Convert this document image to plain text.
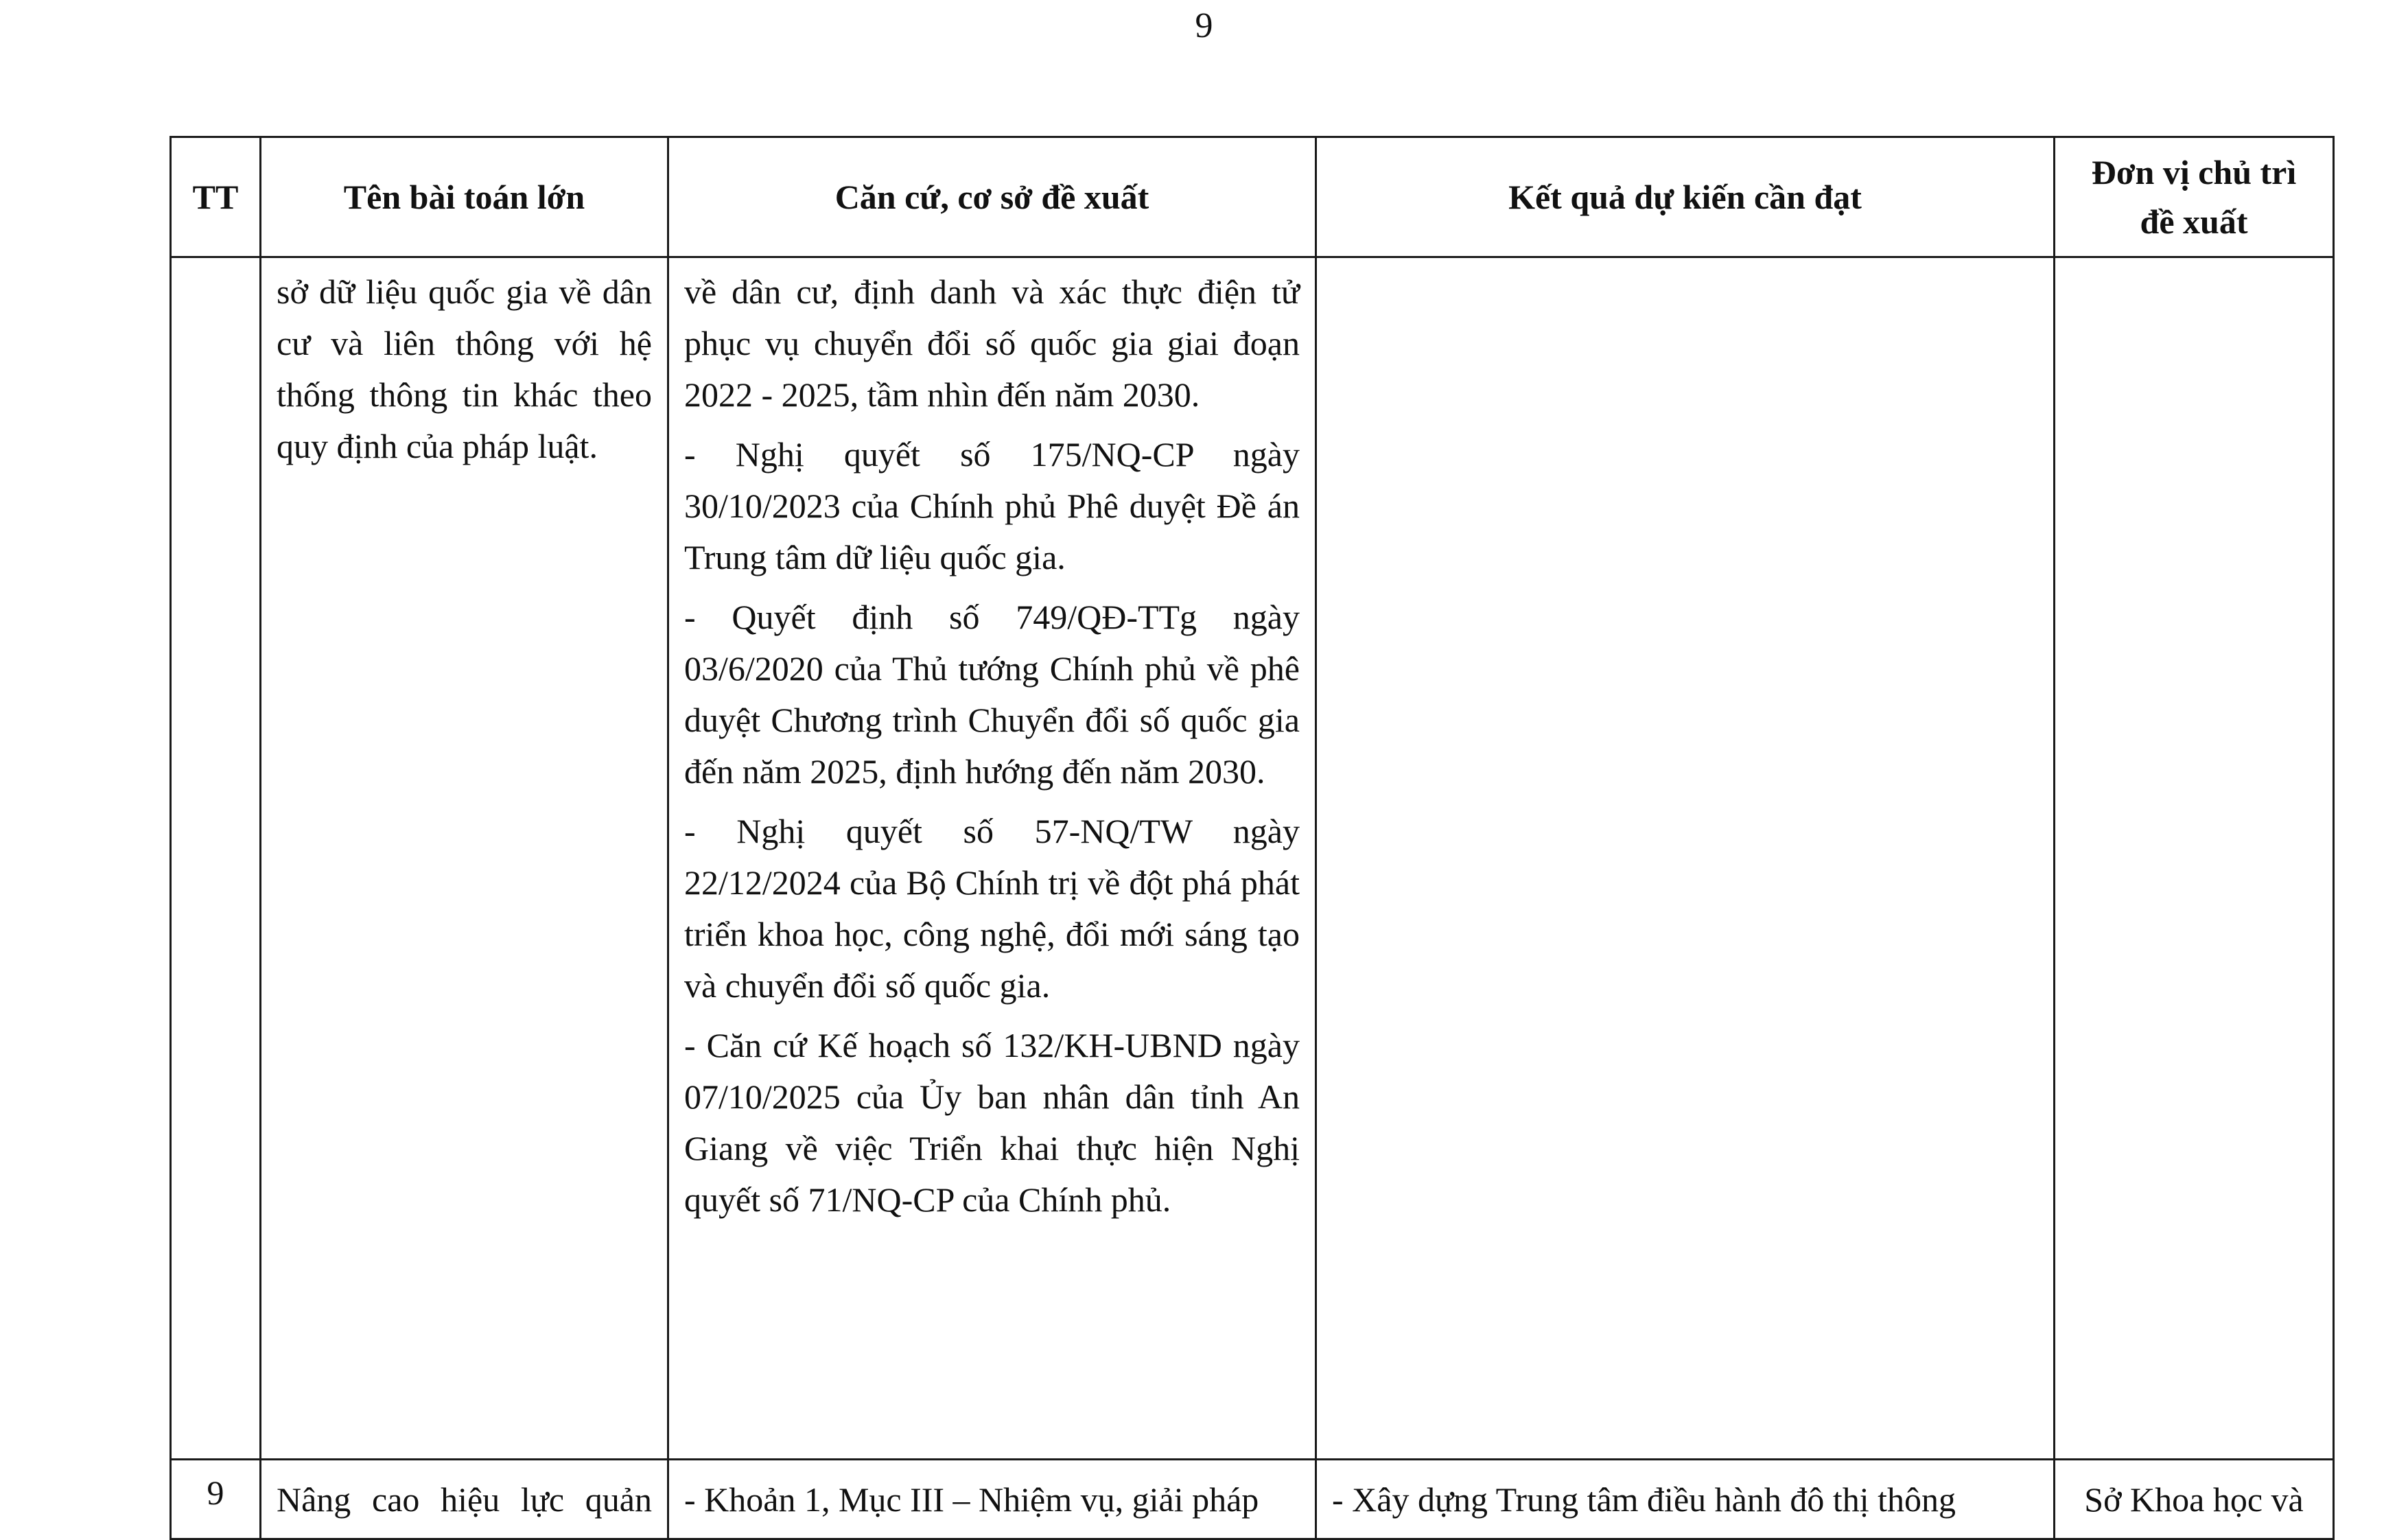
9
TT	Tên bài toán lớn	Căn cứ, cơ sở đề xuất	Kết quả dự kiến cần đạt	Đơn vị chủ trì
đề xuất

	sở dữ liệu quốc gia về dân cư và liên thông với hệ thống thông tin khác theo quy định của pháp luật.	về dân cư, định danh và xác thực điện tử phục vụ chuyển đổi số quốc gia giai đoạn 2022 - 2025, tầm nhìn đến năm 2030.

- Nghị quyết số 175/NQ-CP ngày 30/10/2023 của Chính phủ Phê duyệt Đề án Trung tâm dữ liệu quốc gia.

- Quyết định số 749/QĐ-TTg ngày 03/6/2020 của Thủ tướng Chính phủ về phê duyệt Chương trình Chuyển đổi số quốc gia đến năm 2025, định hướng đến năm 2030.

- Nghị quyết số 57-NQ/TW ngày 22/12/2024 của Bộ Chính trị về đột phá phát triển khoa học, công nghệ, đổi mới sáng tạo và chuyển đổi số quốc gia.

- Căn cứ Kế hoạch số 132/KH-UBND ngày 07/10/2025 của Ủy ban nhân dân tỉnh An Giang về việc Triển khai thực hiện Nghị quyết số 71/NQ-CP của Chính phủ.		

9	Nâng cao hiệu lực quản	- Khoản 1, Mục III – Nhiệm vụ, giải pháp	- Xây dựng Trung tâm điều hành đô thị thông	Sở Khoa học và
